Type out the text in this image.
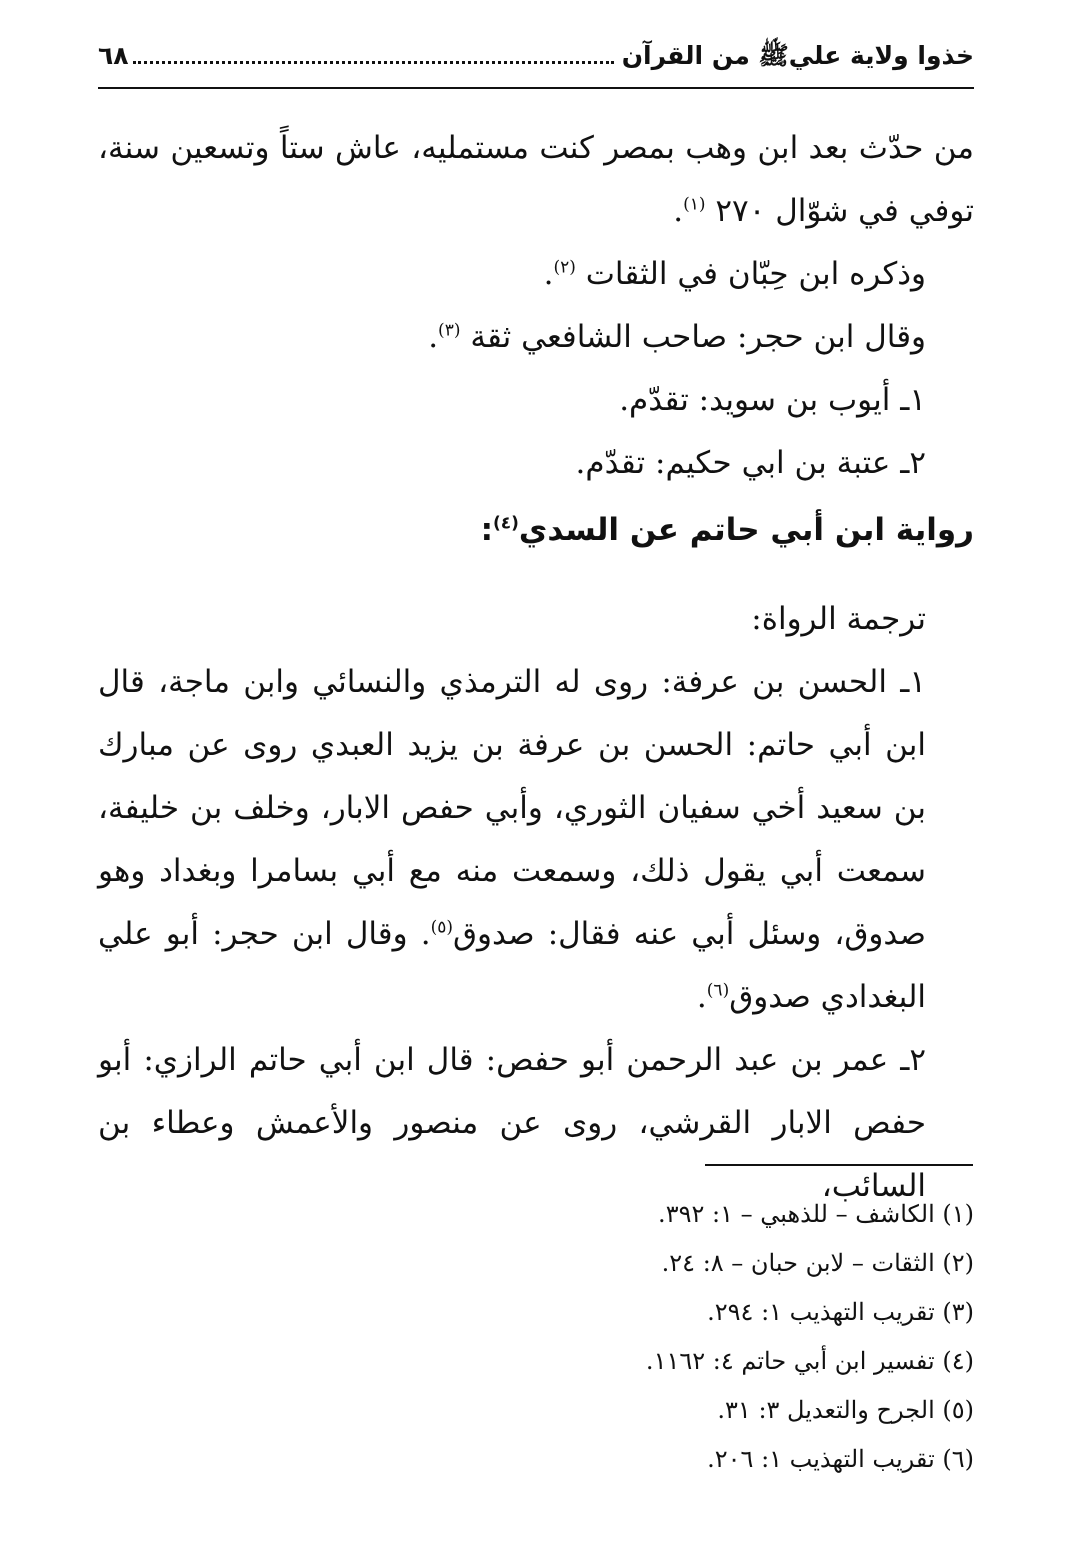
خذوا ولاية عليﷺ من القرآن
٦٨

من حدّث بعد ابن وهب بمصر كنت مستمليه، عاش ستاً وتسعين سنة، توفي في شوّال ٢٧٠ $^{(١)}$.

وذكره ابن حِبّان في الثقات $^{(٢)}$.

وقال ابن حجر: صاحب الشافعي ثقة $^{(٣)}$.

١ـ أيوب بن سويد: تقدّم.

٢ـ عتبة بن ابي حكيم: تقدّم.

رواية ابن أبي حاتم عن السدي$^{(٤)}$:

ترجمة الرواة:

١ـ الحسن بن عرفة: روى له الترمذي والنسائي وابن ماجة، قال ابن أبي حاتم: الحسن بن عرفة بن يزيد العبدي روى عن مبارك بن سعيد أخي سفيان الثوري، وأبي حفص الابار، وخلف بن خليفة، سمعت أبي يقول ذلك، وسمعت منه مع أبي بسامرا وبغداد وهو صدوق، وسئل أبي عنه فقال: صدوق$^{(٥)}$. وقال ابن حجر: أبو علي البغدادي صدوق$^{(٦)}$.

٢ـ عمر بن عبد الرحمن أبو حفص: قال ابن أبي حاتم الرازي: أبو حفص الابار القرشي، روى عن منصور والأعمش وعطاء بن السائب،

(١) الكاشف – للذهبي – ١: ٣٩٢.
(٢) الثقات – لابن حبان – ٨: ٢٤.
(٣) تقريب التهذيب ١: ٢٩٤.
(٤) تفسير ابن أبي حاتم ٤: ١١٦٢.
(٥) الجرح والتعديل ٣: ٣١.
(٦) تقريب التهذيب ١: ٢٠٦.
